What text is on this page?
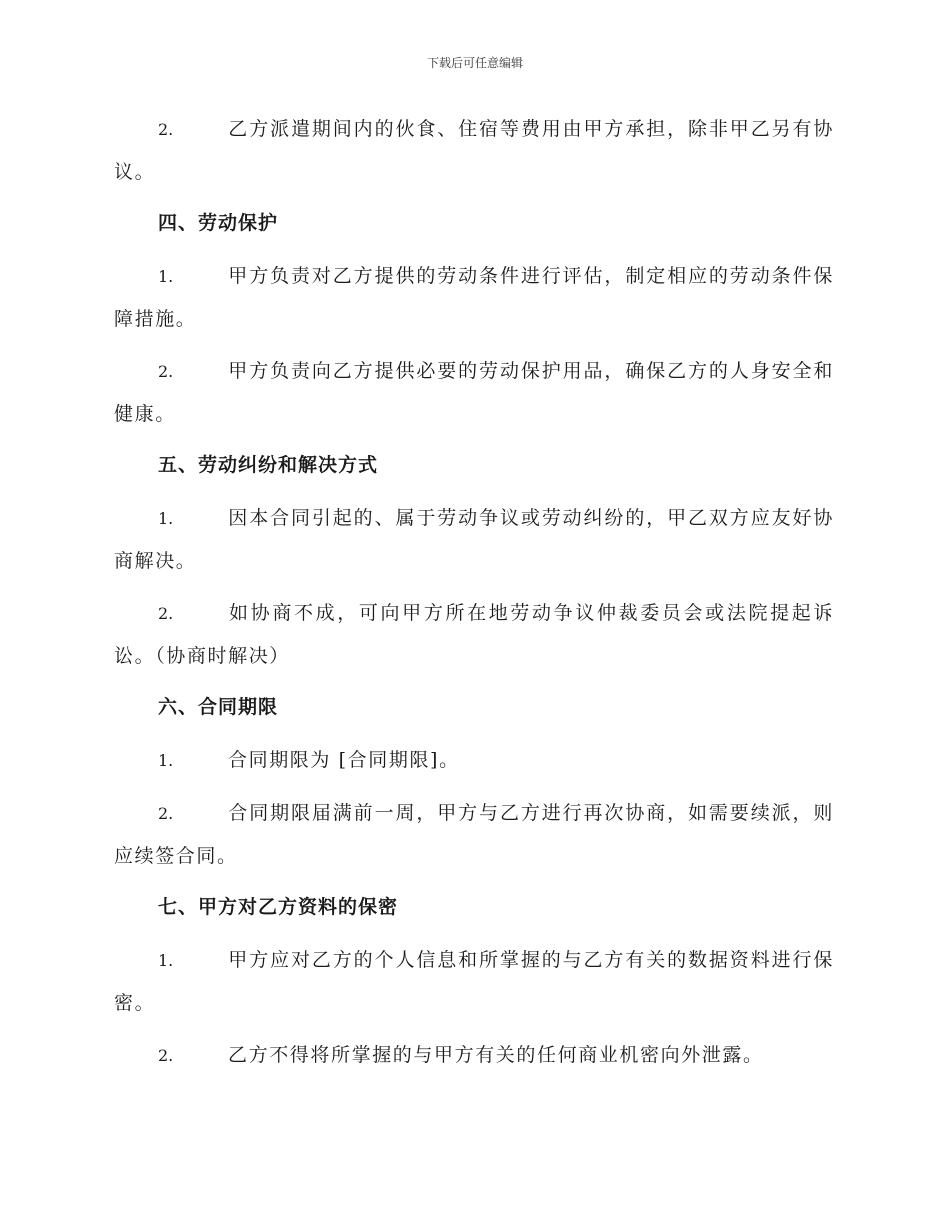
下载后可任意编辑
2.	乙方派遣期间内的伙食、住宿等费用由甲方承担，除非甲乙另有协议。
四、劳动保护
1.	甲方负责对乙方提供的劳动条件进行评估，制定相应的劳动条件保障措施。
2.	甲方负责向乙方提供必要的劳动保护用品，确保乙方的人身安全和健康。
五、劳动纠纷和解决方式
1.	因本合同引起的、属于劳动争议或劳动纠纷的，甲乙双方应友好协商解决。
2.	如协商不成，可向甲方所在地劳动争议仲裁委员会或法院提起诉讼。（协商时解决）
六、合同期限
1.	合同期限为 [合同期限]。
2.	合同期限届满前一周，甲方与乙方进行再次协商，如需要续派，则应续签合同。
七、甲方对乙方资料的保密
1.	甲方应对乙方的个人信息和所掌握的与乙方有关的数据资料进行保密。
2.	乙方不得将所掌握的与甲方有关的任何商业机密向外泄露。
